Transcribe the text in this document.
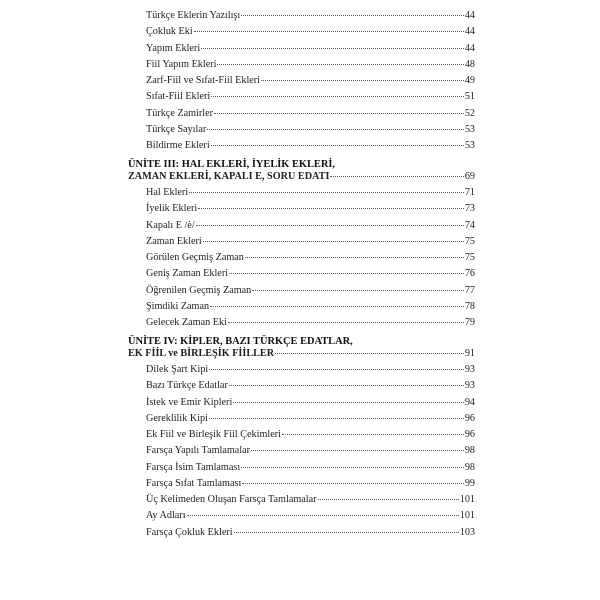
Türkçe Eklerin Yazılışı	44
Çokluk Eki	44
Yapım Ekleri	44
Fiil Yapım Ekleri	48
Zarf-Fiil ve Sıfat-Fiil Ekleri	49
Sıfat-Fiil Ekleri	51
Türkçe Zamirler	52
Türkçe Sayılar	53
Bildirme Ekleri	53
ÜNİTE III: HAL EKLERİ, İYELİK EKLERİ,
ZAMAN EKLERİ, KAPALI E, SORU EDATI	69
Hal Ekleri	71
İyelik Ekleri	73
Kapalı E /ė/	74
Zaman Ekleri	75
Görülen Geçmiş Zaman	75
Geniş Zaman Ekleri	76
Öğrenilen Geçmiş Zaman	77
Şimdiki Zaman	78
Gelecek Zaman Eki	79
ÜNİTE IV: KİPLER, BAZI TÜRKÇE EDATLAR,
EK FİİL ve BİRLEŞİK FİİLLER	91
Dilek Şart Kipi	93
Bazı Türkçe Edatlar	93
İstek ve Emir Kipleri	94
Gereklilik Kipi	96
Ek Fiil ve Birleşik Fiil Çekimleri	96
Farsça Yapılı Tamlamalar	98
Farsça İsim Tamlaması	98
Farsça Sıfat Tamlaması	99
Üç Kelimeden Oluşan Farsça Tamlamalar	101
Ay Adları	101
Farsça Çokluk Ekleri	103
